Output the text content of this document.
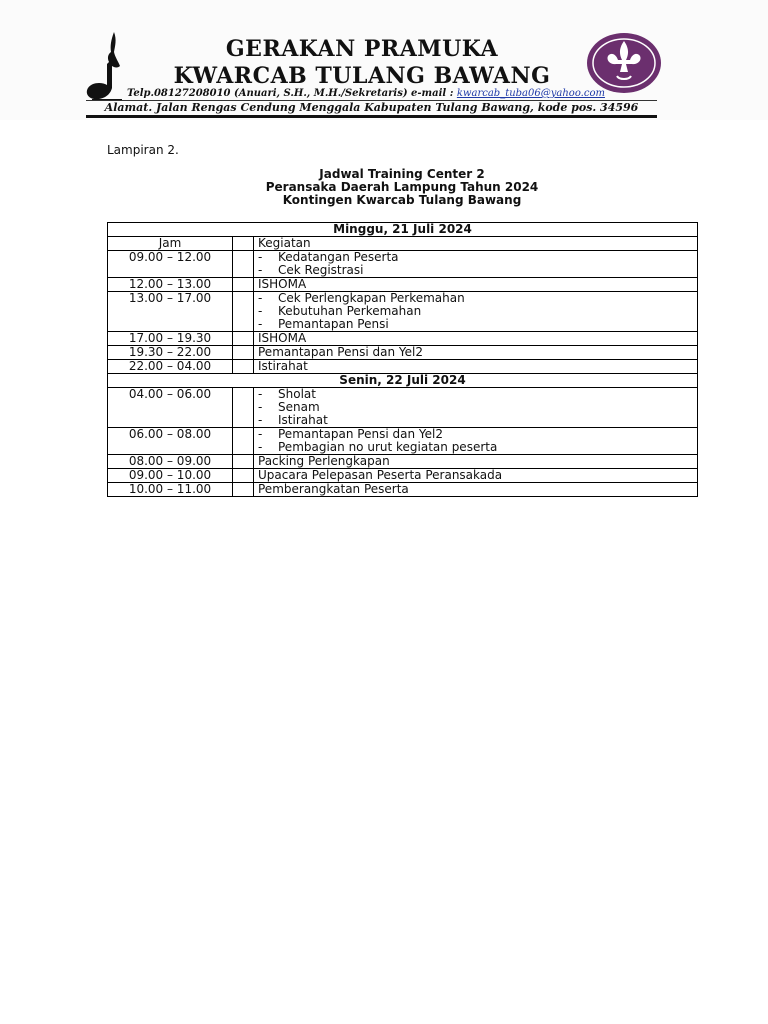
GERAKAN PRAMUKA
KWARCAB TULANG BAWANG
Telp.08127208010 (Anuari, S.H., M.H./Sekretaris) e-mail : kwarcab_tuba06@yahoo.com
Alamat. Jalan Rengas Cendung Menggala Kabupaten Tulang Bawang, kode pos. 34596
Lampiran 2.
Jadwal Training Center 2
Peransaka Daerah Lampung Tahun 2024
Kontingen Kwarcab Tulang Bawang
Minggu, 21 Juli 2024		
Jam		Kegiatan
09.00 – 12.00		- Kedatangan Peserta
- Cek Registrasi

12.00 – 13.00		ISHOMA
13.00 – 17.00		- Cek Perlengkapan Perkemahan
- Kebutuhan Perkemahan
- Pemantapan Pensi

17.00 – 19.30		ISHOMA
19.30 – 22.00		Pemantapan Pensi dan Yel2
22.00 – 04.00		Istirahat
Senin, 22 Juli 2024		
04.00 – 06.00		- Sholat
- Senam
- Istirahat

06.00 – 08.00		- Pemantapan Pensi dan Yel2
- Pembagian no urut kegiatan peserta

08.00 – 09.00		Packing Perlengkapan
09.00 – 10.00		Upacara Pelepasan Peserta Peransakada
10.00 – 11.00		Pemberangkatan Peserta
